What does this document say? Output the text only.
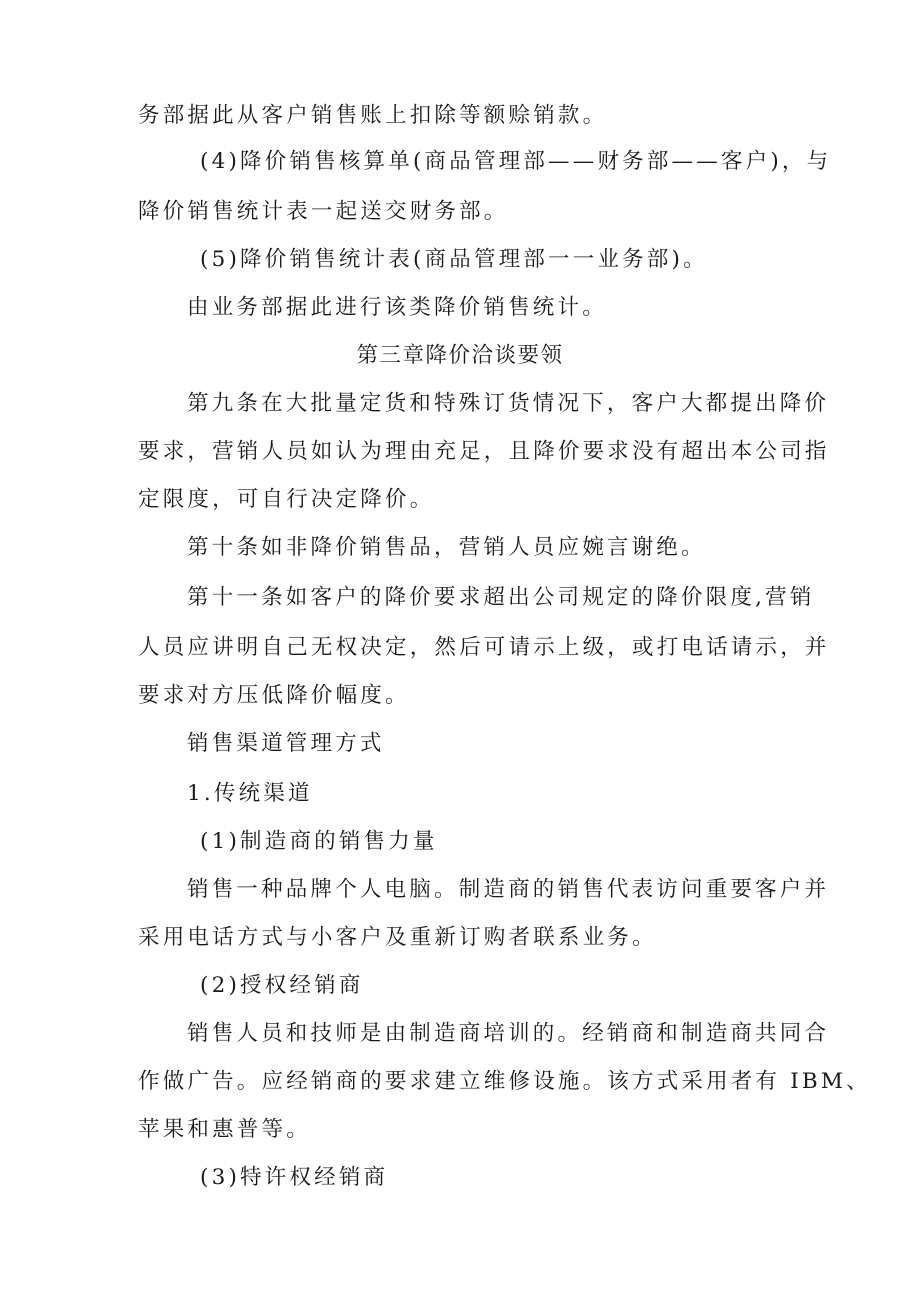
务部据此从客户销售账上扣除等额赊销款。
(4)降价销售核算单(商品管理部——财务部——客户)，与
降价销售统计表一起送交财务部。
(5)降价销售统计表(商品管理部一一业务部)。
由业务部据此进行该类降价销售统计。
第三章降价洽谈要领
第九条在大批量定货和特殊订货情况下，客户大都提出降价
要求，营销人员如认为理由充足，且降价要求没有超出本公司指
定限度，可自行决定降价。
第十条如非降价销售品，营销人员应婉言谢绝。
第十一条如客户的降价要求超出公司规定的降价限度,营销
人员应讲明自己无权决定，然后可请示上级，或打电话请示，并
要求对方压低降价幅度。
销售渠道管理方式
1.传统渠道
(1)制造商的销售力量
销售一种品牌个人电脑。制造商的销售代表访问重要客户并
采用电话方式与小客户及重新订购者联系业务。
(2)授权经销商
销售人员和技师是由制造商培训的。经销商和制造商共同合
作做广告。应经销商的要求建立维修设施。该方式采用者有 IBM、
苹果和惠普等。
(3)特许权经销商
